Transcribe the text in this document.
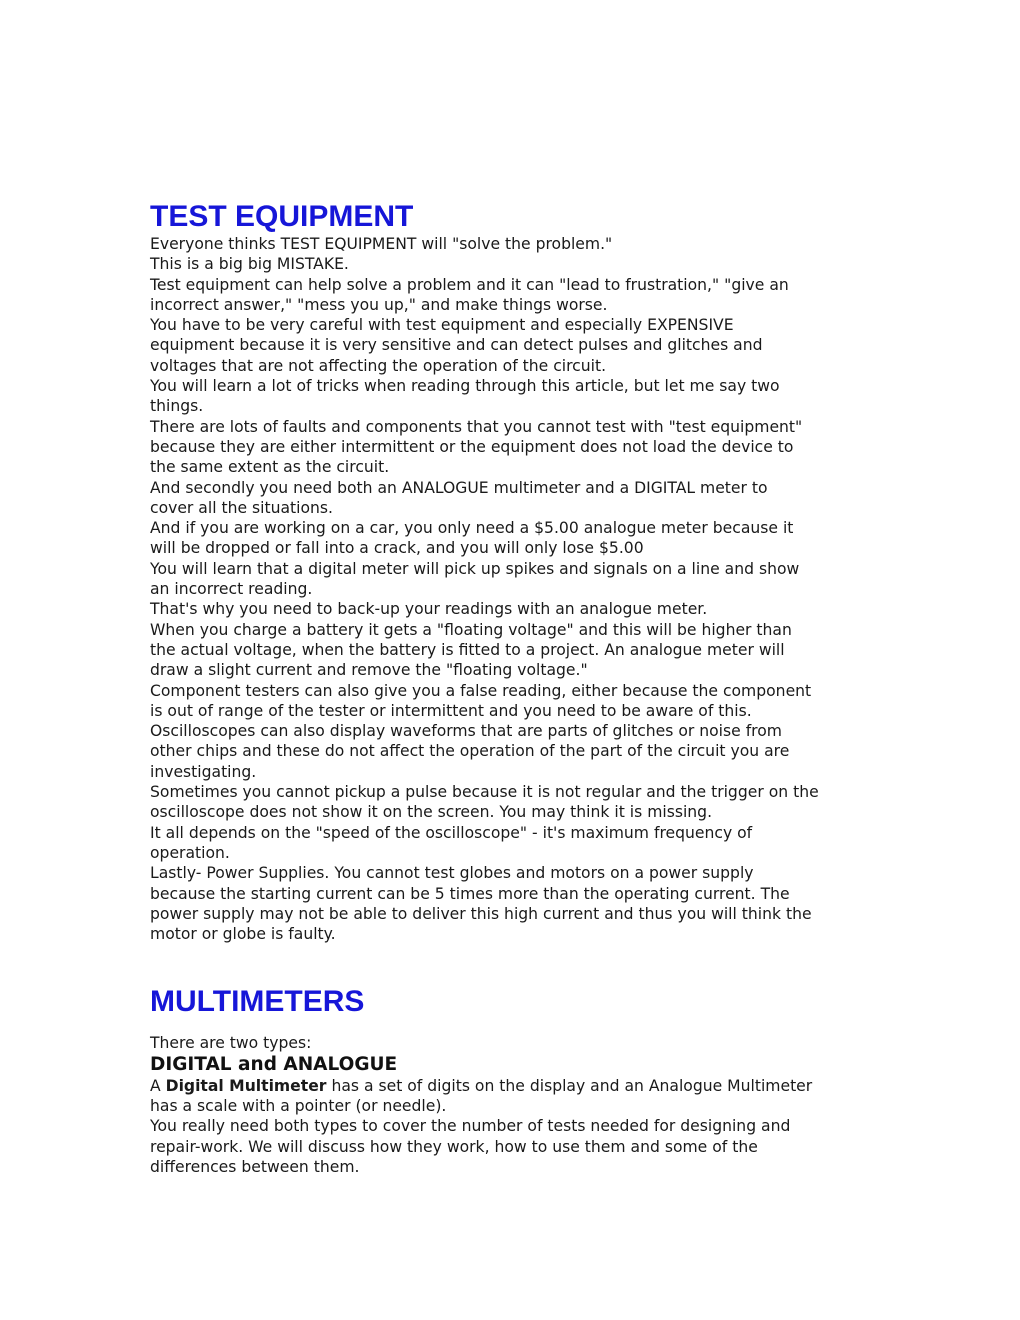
TEST EQUIPMENT

Everyone thinks TEST EQUIPMENT will "solve the problem."

This is a big big MISTAKE.

Test equipment can help solve a problem and it can "lead to frustration," "give an

incorrect answer," "mess you up," and make things worse.

You have to be very careful with test equipment and especially EXPENSIVE

equipment because it is very sensitive and can detect pulses and glitches and

voltages that are not affecting the operation of the circuit.

You will learn a lot of tricks when reading through this article, but let me say two

things.

There are lots of faults and components that you cannot test with "test equipment"

because they are either intermittent or the equipment does not load the device to

the same extent as the circuit.

And secondly you need both an ANALOGUE multimeter and a DIGITAL meter to

cover all the situations.

And if you are working on a car, you only need a $5.00 analogue meter because it

will be dropped or fall into a crack, and you will only lose $5.00

You will learn that a digital meter will pick up spikes and signals on a line and show

an incorrect reading.

That's why you need to back-up your readings with an analogue meter.

When you charge a battery it gets a "floating voltage" and this will be higher than

the actual voltage, when the battery is fitted to a project. An analogue meter will

draw a slight current and remove the "floating voltage."

Component testers can also give you a false reading, either because the component

is out of range of the tester or intermittent and you need to be aware of this.

Oscilloscopes can also display waveforms that are parts of glitches or noise from

other chips and these do not affect the operation of the part of the circuit you are

investigating.

Sometimes you cannot pickup a pulse because it is not regular and the trigger on the

oscilloscope does not show it on the screen. You may think it is missing.

It all depends on the "speed of the oscilloscope" - it's maximum frequency of

operation.

Lastly- Power Supplies. You cannot test globes and motors on a power supply

because the starting current can be 5 times more than the operating current. The

power supply may not be able to deliver this high current and thus you will think the

motor or globe is faulty.

MULTIMETERS

There are two types:

DIGITAL and ANALOGUE

A Digital Multimeter has a set of digits on the display and an Analogue Multimeter

has a scale with a pointer (or needle).

You really need both types to cover the number of tests needed for designing and

repair-work. We will discuss how they work, how to use them and some of the

differences between them.
